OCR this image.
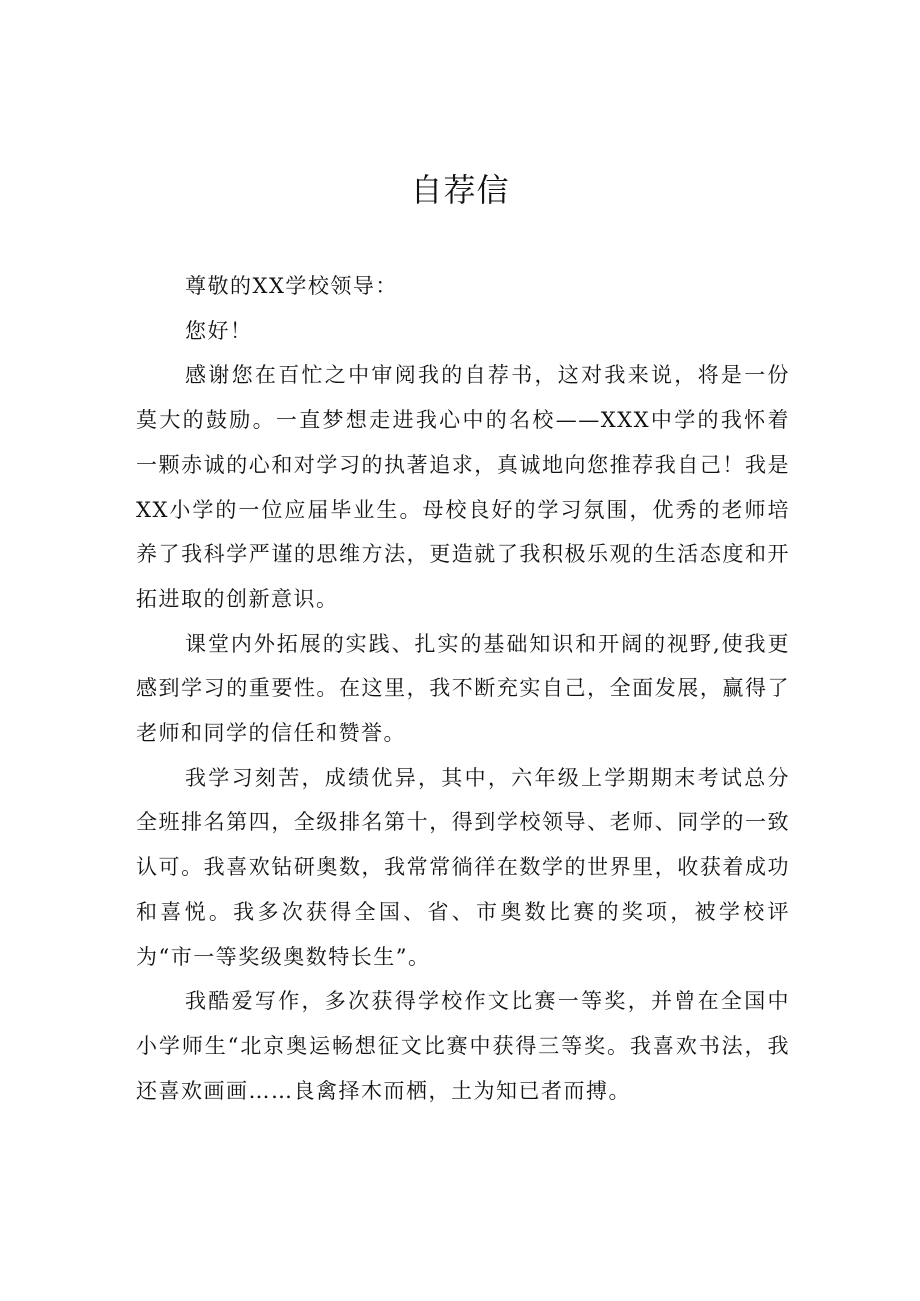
自荐信

尊敬的XX学校领导：

您好！

感谢您在百忙之中审阅我的自荐书，这对我来说，将是一份莫大的鼓励。一直梦想走进我心中的名校——XXX中学的我怀着一颗赤诚的心和对学习的执著追求，真诚地向您推荐我自己！我是XX小学的一位应届毕业生。母校良好的学习氛围，优秀的老师培养了我科学严谨的思维方法，更造就了我积极乐观的生活态度和开拓进取的创新意识。

课堂内外拓展的实践、扎实的基础知识和开阔的视野,使我更感到学习的重要性。在这里，我不断充实自己，全面发展，赢得了老师和同学的信任和赞誉。

我学习刻苦，成绩优异，其中，六年级上学期期末考试总分全班排名第四，全级排名第十，得到学校领导、老师、同学的一致认可。我喜欢钻研奥数，我常常徜徉在数学的世界里，收获着成功和喜悦。我多次获得全国、省、市奥数比赛的奖项，被学校评为“市一等奖级奥数特长生”。

我酷爱写作，多次获得学校作文比赛一等奖，并曾在全国中小学师生“北京奥运畅想征文比赛中获得三等奖。我喜欢书法，我还喜欢画画……良禽择木而栖，土为知已者而搏。
